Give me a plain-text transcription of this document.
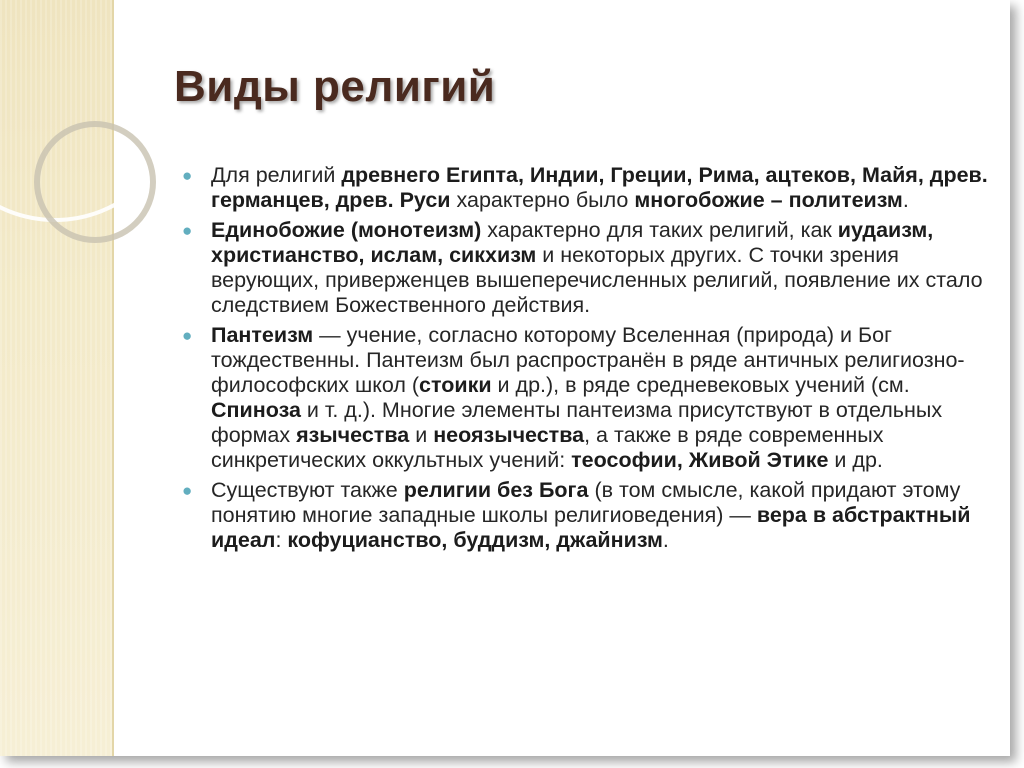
Виды религий
● Для религий древнего Египта, Индии, Греции, Рима, ацтеков, Майя, древ. германцев, древ. Руси характерно было многобожие – политеизм.
● Единобожие (монотеизм) характерно для таких религий, как иудаизм, христианство, ислам, сикхизм и некоторых других. С точки зрения верующих, приверженцев вышеперечисленных религий, появление их стало следствием Божественного действия.
● Пантеизм — учение, согласно которому Вселенная (природа) и Бог тождественны. Пантеизм был распространён в ряде античных религиозно-философских школ (стоики и др.), в ряде средневековых учений (см. Спиноза и т. д.). Многие элементы пантеизма присутствуют в отдельных формах язычества и неоязычества, а также в ряде современных синкретических оккультных учений: теософии, Живой Этике и др.
● Существуют также религии без Бога (в том смысле, какой придают этому понятию многие западные школы религиоведения) — вера в абстрактный идеал: кофуцианство, буддизм, джайнизм.
